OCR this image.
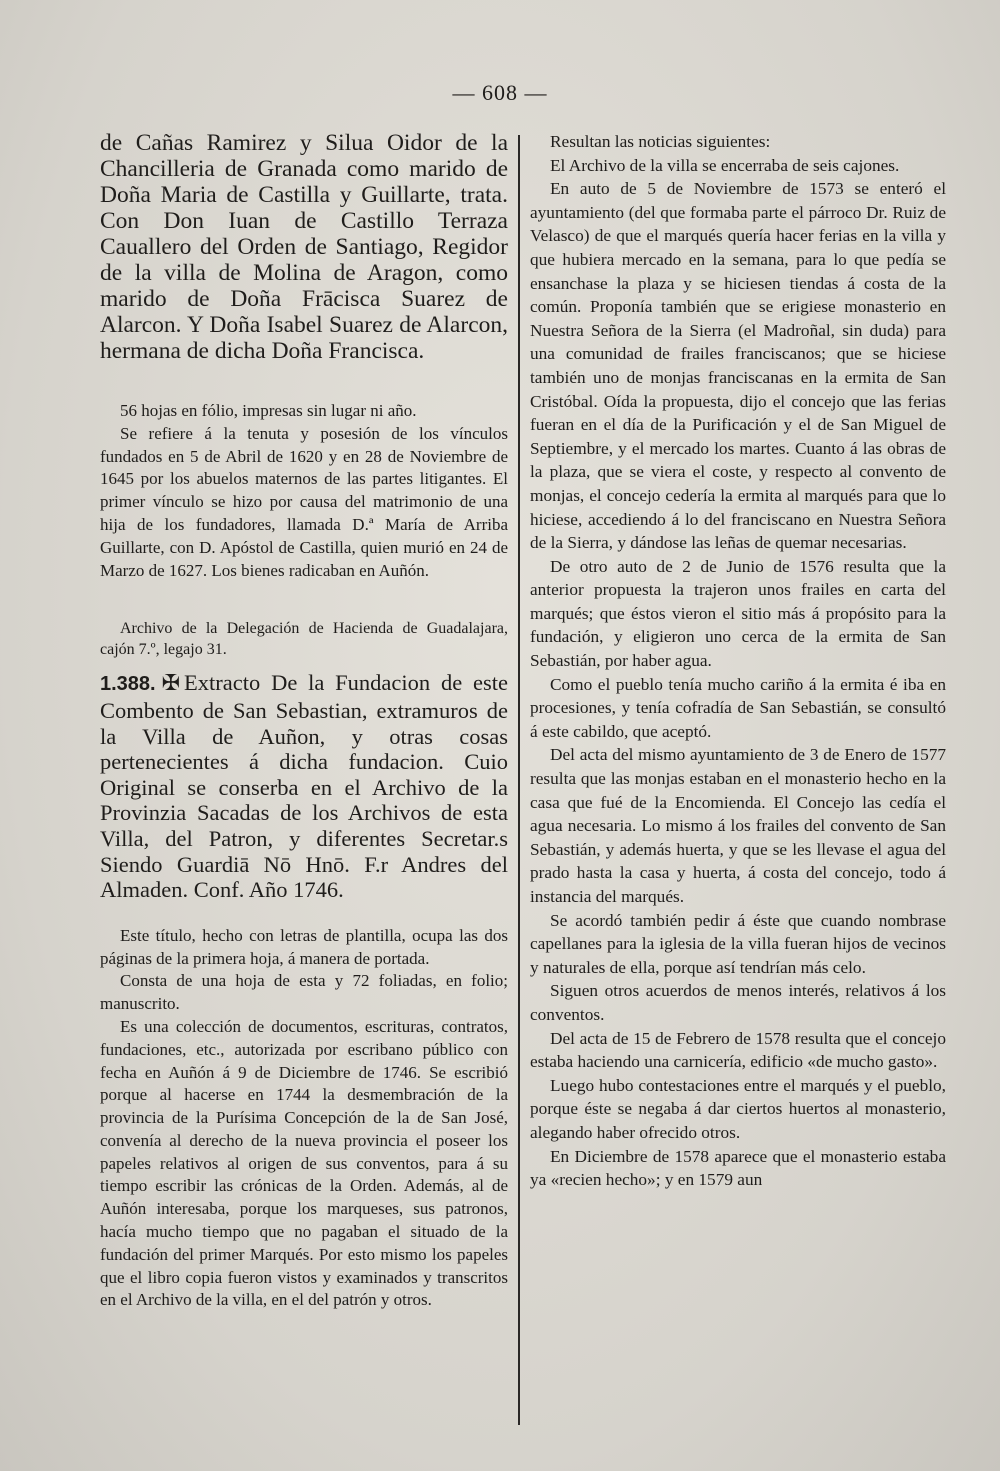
— 608 —

de Cañas Ramirez y Silua Oidor de la Chancilleria de Granada como marido de Doña Maria de Castilla y Guillarte, trata. Con Don Iuan de Castillo Terraza Cauallero del Orden de Santiago, Regidor de la villa de Molina de Aragon, como marido de Doña Frācisca Suarez de Alarcon. Y Doña Isabel Suarez de Alarcon, hermana de dicha Doña Francisca.

56 hojas en fólio, impresas sin lugar ni año.

Se refiere á la tenuta y posesión de los vínculos fundados en 5 de Abril de 1620 y en 28 de Noviembre de 1645 por los abuelos maternos de las partes litigantes. El primer vínculo se hizo por causa del matrimonio de una hija de los fundadores, llamada D.ª María de Arriba Guillarte, con D. Apóstol de Castilla, quien murió en 24 de Marzo de 1627. Los bienes radicaban en Auñón.

Archivo de la Delegación de Hacienda de Guadalajara, cajón 7.º, legajo 31.

1.388. ✠ Extracto De la Fundacion de este Combento de San Sebastian, extramuros de la Villa de Auñon, y otras cosas pertenecientes á dicha fundacion. Cuio Original se conserba en el Archivo de la Provinzia Sacadas de los Archivos de esta Villa, del Patron, y diferentes Secretar.s Siendo Guardiā Nō Hnō. F.r Andres del Almaden. Conf. Año 1746.

Este título, hecho con letras de plantilla, ocupa las dos páginas de la primera hoja, á manera de portada.

Consta de una hoja de esta y 72 foliadas, en folio; manuscrito.

Es una colección de documentos, escrituras, contratos, fundaciones, etc., autorizada por escribano público con fecha en Auñón á 9 de Diciembre de 1746. Se escribió porque al hacerse en 1744 la desmembración de la provincia de la Purísima Concepción de la de San José, convenía al derecho de la nueva provincia el poseer los papeles relativos al origen de sus conventos, para á su tiempo escribir las crónicas de la Orden. Además, al de Auñón interesaba, porque los marqueses, sus patronos, hacía mucho tiempo que no pagaban el situado de la fundación del primer Marqués. Por esto mismo los papeles que el libro copia fueron vistos y examinados y transcritos en el Archivo de la villa, en el del patrón y otros.

Resultan las noticias siguientes:

El Archivo de la villa se encerraba de seis cajones.

En auto de 5 de Noviembre de 1573 se enteró el ayuntamiento (del que formaba parte el párroco Dr. Ruiz de Velasco) de que el marqués quería hacer ferias en la villa y que hubiera mercado en la semana, para lo que pedía se ensanchase la plaza y se hiciesen tiendas á costa de la común. Proponía también que se erigiese monasterio en Nuestra Señora de la Sierra (el Madroñal, sin duda) para una comunidad de frailes franciscanos; que se hiciese también uno de monjas franciscanas en la ermita de San Cristóbal. Oída la propuesta, dijo el concejo que las ferias fueran en el día de la Purificación y el de San Miguel de Septiembre, y el mercado los martes. Cuanto á las obras de la plaza, que se viera el coste, y respecto al convento de monjas, el concejo cedería la ermita al marqués para que lo hiciese, accediendo á lo del franciscano en Nuestra Señora de la Sierra, y dándose las leñas de quemar necesarias.

De otro auto de 2 de Junio de 1576 resulta que la anterior propuesta la trajeron unos frailes en carta del marqués; que éstos vieron el sitio más á propósito para la fundación, y eligieron uno cerca de la ermita de San Sebastián, por haber agua.

Como el pueblo tenía mucho cariño á la ermita é iba en procesiones, y tenía cofradía de San Sebastián, se consultó á este cabildo, que aceptó.

Del acta del mismo ayuntamiento de 3 de Enero de 1577 resulta que las monjas estaban en el monasterio hecho en la casa que fué de la Encomienda. El Concejo las cedía el agua necesaria. Lo mismo á los frailes del convento de San Sebastián, y además huerta, y que se les llevase el agua del prado hasta la casa y huerta, á costa del concejo, todo á instancia del marqués.

Se acordó también pedir á éste que cuando nombrase capellanes para la iglesia de la villa fueran hijos de vecinos y naturales de ella, porque así tendrían más celo.

Siguen otros acuerdos de menos interés, relativos á los conventos.

Del acta de 15 de Febrero de 1578 resulta que el concejo estaba haciendo una carnicería, edificio «de mucho gasto».

Luego hubo contestaciones entre el marqués y el pueblo, porque éste se negaba á dar ciertos huertos al monasterio, alegando haber ofrecido otros.

En Diciembre de 1578 aparece que el monasterio estaba ya «recien hecho»; y en 1579 aun
